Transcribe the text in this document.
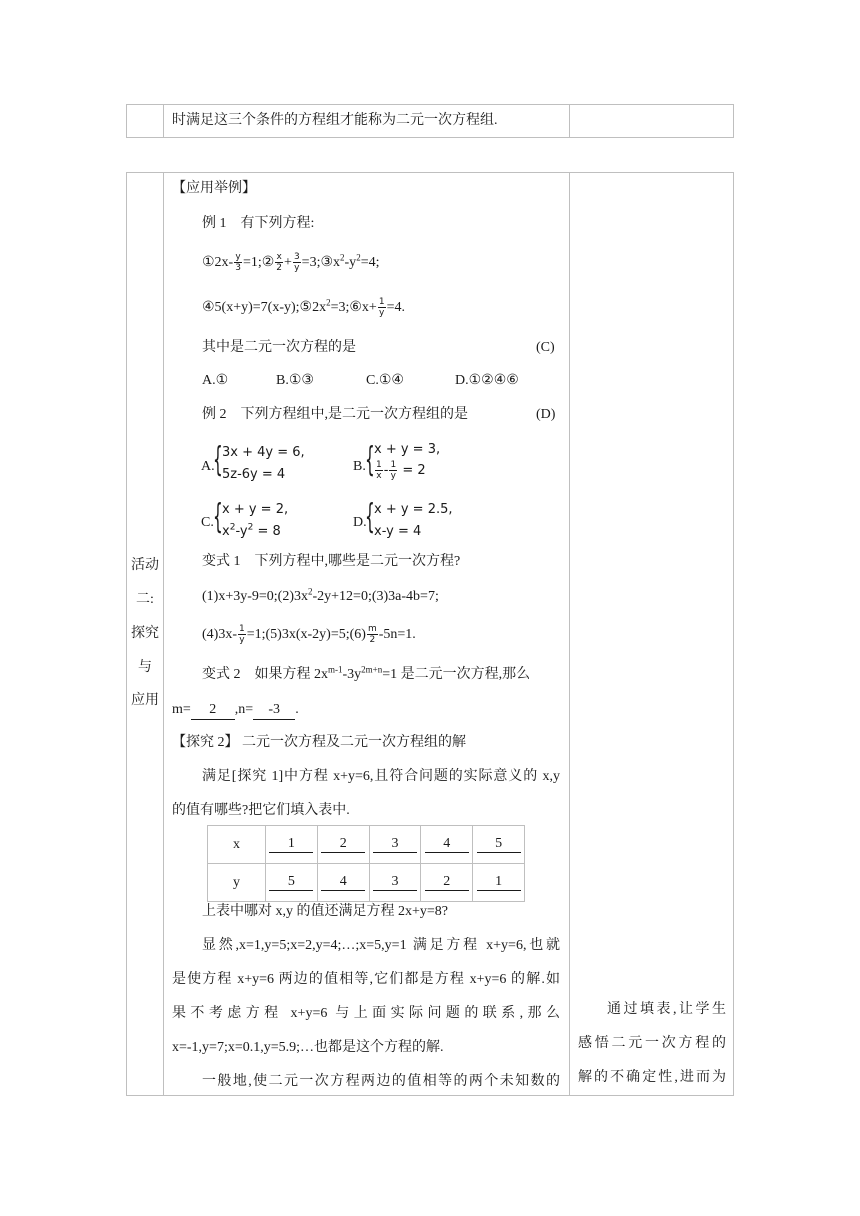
时满足这三个条件的方程组才能称为二元一次方程组.
活动
二:
探究
与
应用
【应用举例】
例 1　有下列方程:
①2x- $\frac{y}{3}$ =1;② $\frac{x}{2} + \frac{3}{y}$ $=3;③x^2-y^2=4$;
$④5(x+y)=7(x-y);⑤2x^2=3;⑥x+ \frac{1}{y} =4$.
其中是二元一次方程的是	(C)
A.①	B.①③	C.①④	D.①②④⑥
例 2　下列方程组中,是二元一次方程组的是	(D)
A.
{ 3x + 4y = 6,
5z-6y = 4
B. { x + y = 3,
$\frac{1}{x} - \frac{1}{y} = 2$
C. { x + y = 2,
$x^2-y^2 = 8$
D.
{ x + y = 2.5,
x-y = 4
变式 1　下列方程中,哪些是二元一次方程?
$(1)x+3y-9=0;(2)3x^2-2y+12=0;(3)3a-4b=7$;
$(4)3x- \frac{1}{y}$ =1;(5)3x(x-2y)=5;(6) $\frac{m}{2} -5n=1$.
变式 2　如果方程 $2x^{m-1}-3y^{2m+n}=1$ 是二元一次方程,那么
m= 2 ,n= -3 .
【探究 2】 二元一次方程及二元一次方程组的解
满足[探究 1]中方程 x+y=6,且符合问题的实际意义的 x,y
的值有哪些?把它们填入表中.
x	1	2	3	4	5
y	5	4	3	2	1
上表中哪对 x,y 的值还满足方程 2x+y=8?
显然,x=1,y=5;x=2,y=4;…;x=5,y=1 满足方程 x+y=6,也就
是使方程 x+y=6 两边的值相等,它们都是方程 x+y=6 的解.如
果不考虑方程 x+y=6 与上面实际问题的联系,那么
x=-1,y=7;x=0.1,y=5.9;…也都是这个方程的解.
一般地,使二元一次方程两边的值相等的两个未知数的
通过填表,让学生
感悟二元一次方程的
解的不确定性,进而为
